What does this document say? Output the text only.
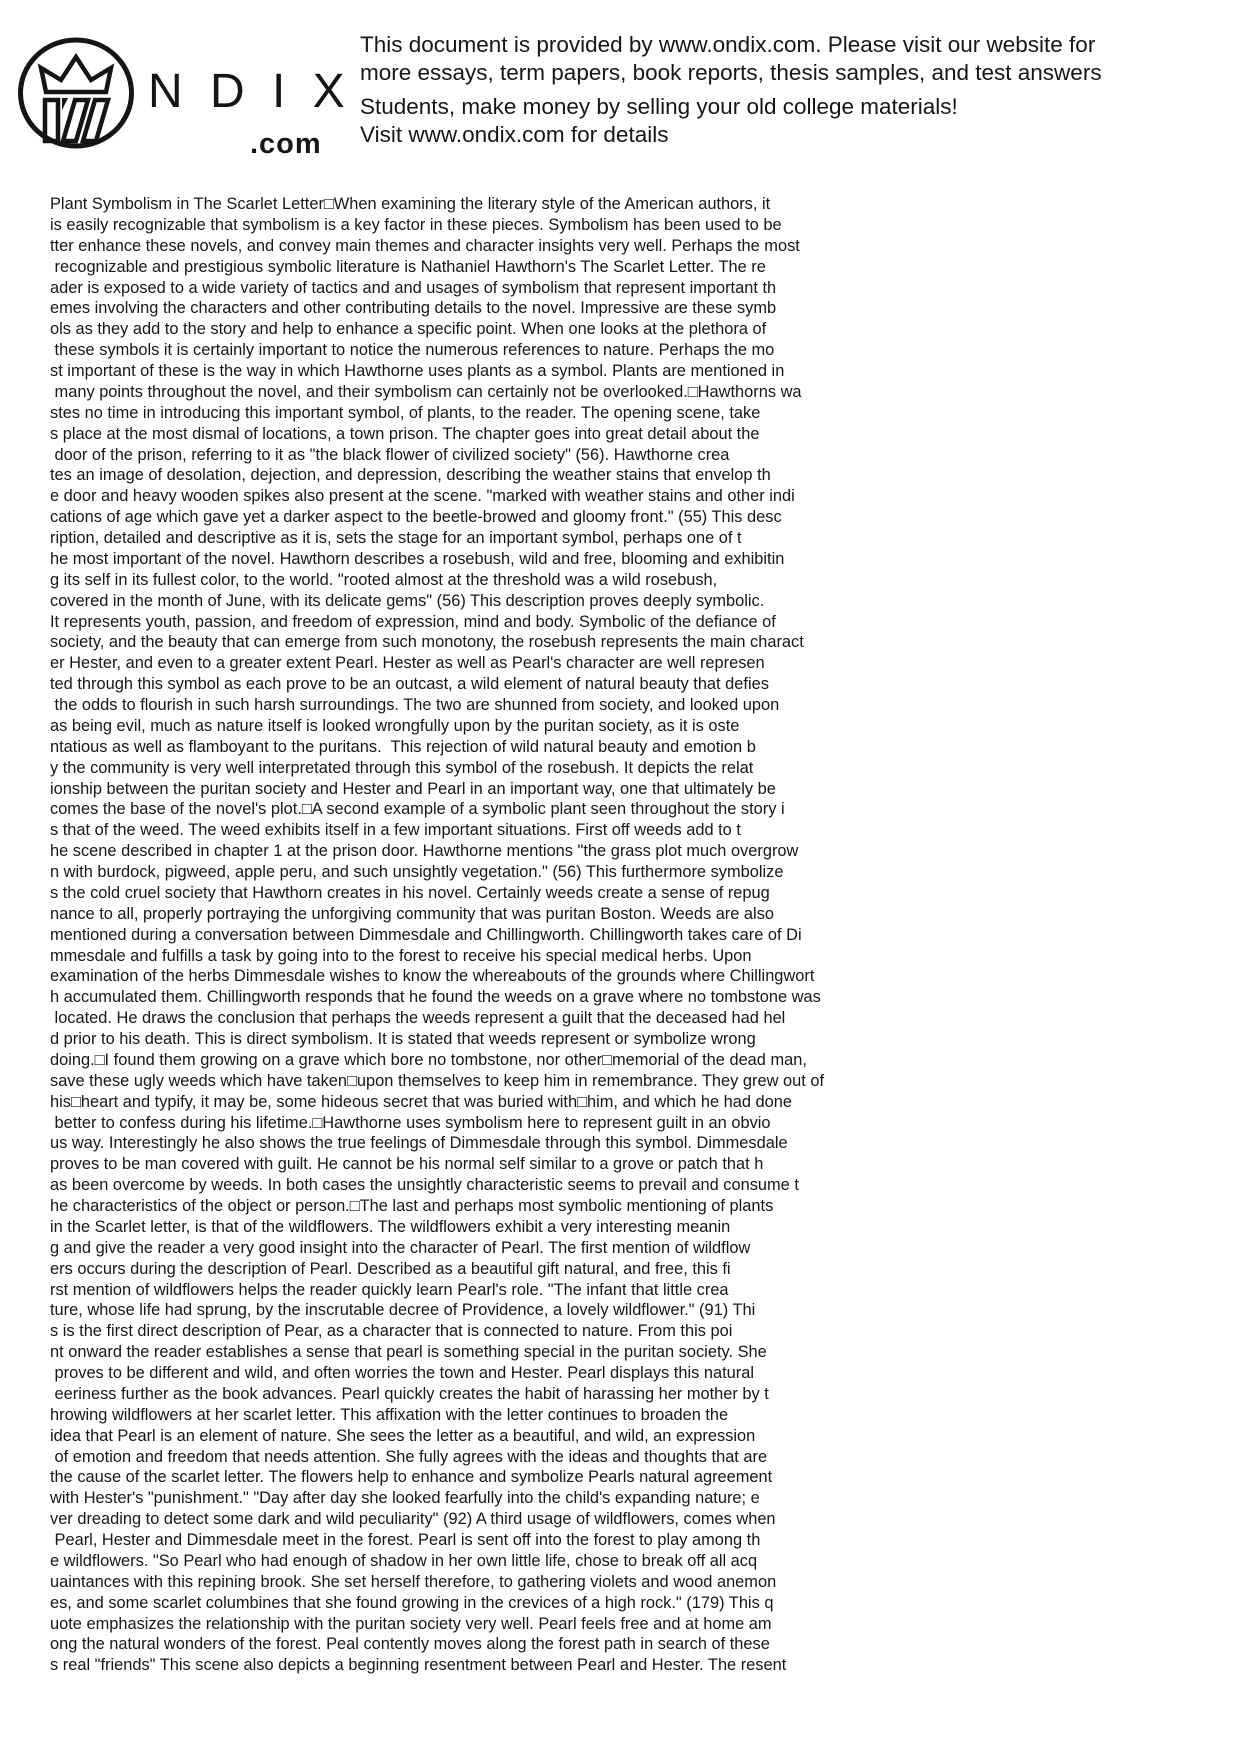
N D I X
.com

This document is provided by www.ondix.com. Please visit our website for
more essays, term papers, book reports, thesis samples, and test answers

Students, make money by selling your old college materials!
Visit www.ondix.com for details

Plant Symbolism in The Scarlet Letter□When examining the literary style of the American authors, it
is easily recognizable that symbolism is a key factor in these pieces. Symbolism has been used to be
tter enhance these novels, and convey main themes and character insights very well. Perhaps the most
recognizable and prestigious symbolic literature is Nathaniel Hawthorn's The Scarlet Letter. The re
ader is exposed to a wide variety of tactics and and usages of symbolism that represent important th
emes involving the characters and other contributing details to the novel. Impressive are these symb
ols as they add to the story and help to enhance a specific point. When one looks at the plethora of
these symbols it is certainly important to notice the numerous references to nature. Perhaps the mo
st important of these is the way in which Hawthorne uses plants as a symbol. Plants are mentioned in
many points throughout the novel, and their symbolism can certainly not be overlooked.□Hawthorns wa
stes no time in introducing this important symbol, of plants, to the reader. The opening scene, take
s place at the most dismal of locations, a town prison. The chapter goes into great detail about the
door of the prison, referring to it as "the black flower of civilized society" (56). Hawthorne crea
tes an image of desolation, dejection, and depression, describing the weather stains that envelop th
e door and heavy wooden spikes also present at the scene. "marked with weather stains and other indi
cations of age which gave yet a darker aspect to the beetle-browed and gloomy front." (55) This desc
ription, detailed and descriptive as it is, sets the stage for an important symbol, perhaps one of t
he most important of the novel. Hawthorn describes a rosebush, wild and free, blooming and exhibitin
g its self in its fullest color, to the world. "rooted almost at the threshold was a wild rosebush,
covered in the month of June, with its delicate gems" (56) This description proves deeply symbolic.
It represents youth, passion, and freedom of expression, mind and body. Symbolic of the defiance of
society, and the beauty that can emerge from such monotony, the rosebush represents the main charact
er Hester, and even to a greater extent Pearl. Hester as well as Pearl's character are well represen
ted through this symbol as each prove to be an outcast, a wild element of natural beauty that defies
the odds to flourish in such harsh surroundings. The two are shunned from society, and looked upon
as being evil, much as nature itself is looked wrongfully upon by the puritan society, as it is oste
ntatious as well as flamboyant to the puritans.  This rejection of wild natural beauty and emotion b
y the community is very well interpretated through this symbol of the rosebush. It depicts the relat
ionship between the puritan society and Hester and Pearl in an important way, one that ultimately be
comes the base of the novel's plot.□A second example of a symbolic plant seen throughout the story i
s that of the weed. The weed exhibits itself in a few important situations. First off weeds add to t
he scene described in chapter 1 at the prison door. Hawthorne mentions "the grass plot much overgrow
n with burdock, pigweed, apple peru, and such unsightly vegetation." (56) This furthermore symbolize
s the cold cruel society that Hawthorn creates in his novel. Certainly weeds create a sense of repug
nance to all, properly portraying the unforgiving community that was puritan Boston. Weeds are also
mentioned during a conversation between Dimmesdale and Chillingworth. Chillingworth takes care of Di
mmesdale and fulfills a task by going into to the forest to receive his special medical herbs. Upon
examination of the herbs Dimmesdale wishes to know the whereabouts of the grounds where Chillingwort
h accumulated them. Chillingworth responds that he found the weeds on a grave where no tombstone was
located. He draws the conclusion that perhaps the weeds represent a guilt that the deceased had hel
d prior to his death. This is direct symbolism. It is stated that weeds represent or symbolize wrong
doing.□I found them growing on a grave which bore no tombstone, nor other□memorial of the dead man,
save these ugly weeds which have taken□upon themselves to keep him in remembrance. They grew out of
his□heart and typify, it may be, some hideous secret that was buried with□him, and which he had done
better to confess during his lifetime.□Hawthorne uses symbolism here to represent guilt in an obvio
us way. Interestingly he also shows the true feelings of Dimmesdale through this symbol. Dimmesdale
proves to be man covered with guilt. He cannot be his normal self similar to a grove or patch that h
as been overcome by weeds. In both cases the unsightly characteristic seems to prevail and consume t
he characteristics of the object or person.□The last and perhaps most symbolic mentioning of plants
in the Scarlet letter, is that of the wildflowers. The wildflowers exhibit a very interesting meanin
g and give the reader a very good insight into the character of Pearl. The first mention of wildflow
ers occurs during the description of Pearl. Described as a beautiful gift natural, and free, this fi
rst mention of wildflowers helps the reader quickly learn Pearl's role. "The infant that little crea
ture, whose life had sprung, by the inscrutable decree of Providence, a lovely wildflower." (91) Thi
s is the first direct description of Pear, as a character that is connected to nature. From this poi
nt onward the reader establishes a sense that pearl is something special in the puritan society. She
proves to be different and wild, and often worries the town and Hester. Pearl displays this natural
eeriness further as the book advances. Pearl quickly creates the habit of harassing her mother by t
hrowing wildflowers at her scarlet letter. This affixation with the letter continues to broaden the
idea that Pearl is an element of nature. She sees the letter as a beautiful, and wild, an expression
of emotion and freedom that needs attention. She fully agrees with the ideas and thoughts that are
the cause of the scarlet letter. The flowers help to enhance and symbolize Pearls natural agreement
with Hester's "punishment." "Day after day she looked fearfully into the child's expanding nature; e
ver dreading to detect some dark and wild peculiarity" (92) A third usage of wildflowers, comes when
Pearl, Hester and Dimmesdale meet in the forest. Pearl is sent off into the forest to play among th
e wildflowers. "So Pearl who had enough of shadow in her own little life, chose to break off all acq
uaintances with this repining brook. She set herself therefore, to gathering violets and wood anemon
es, and some scarlet columbines that she found growing in the crevices of a high rock." (179) This q
uote emphasizes the relationship with the puritan society very well. Pearl feels free and at home am
ong the natural wonders of the forest. Peal contently moves along the forest path in search of these
s real "friends" This scene also depicts a beginning resentment between Pearl and Hester. The resent
